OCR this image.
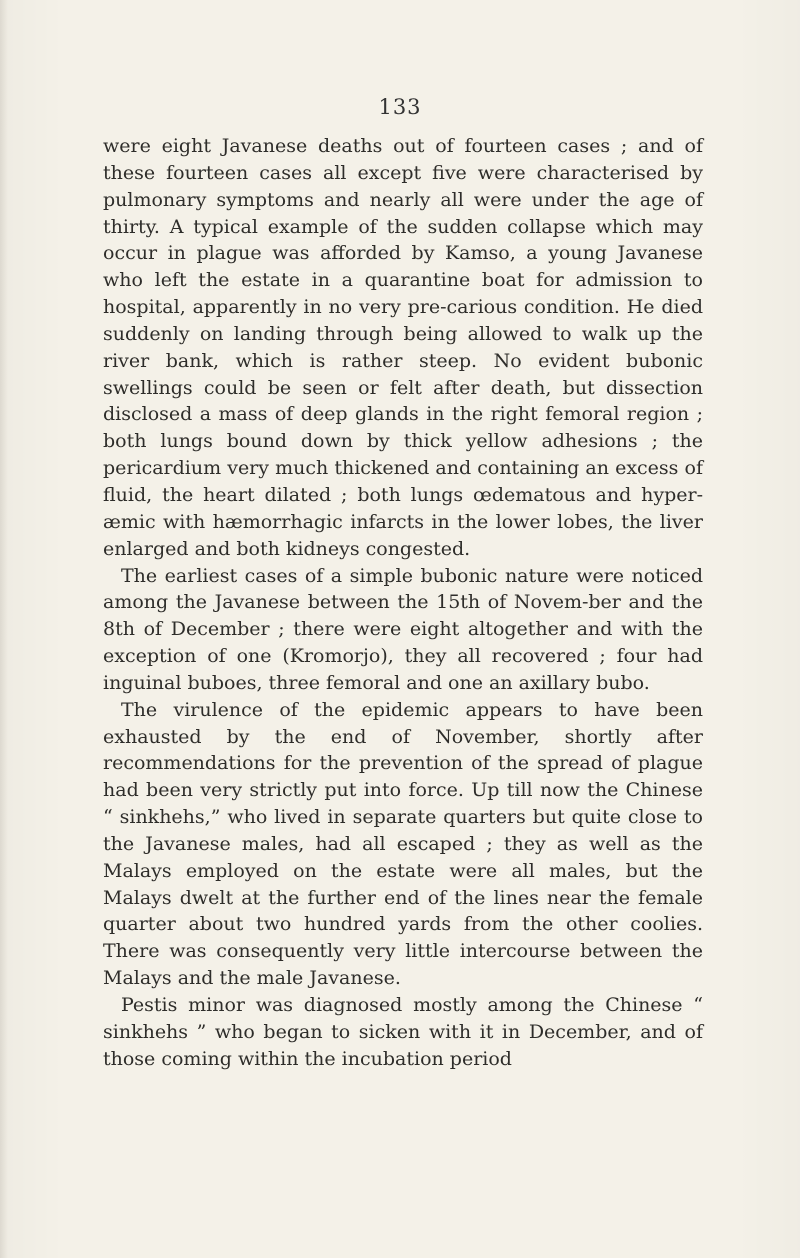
133

were eight Javanese deaths out of fourteen cases ; and of these fourteen cases all except five were characterised by pulmonary symptoms and nearly all were under the age of thirty. A typical example of the sudden collapse which may occur in plague was afforded by Kamso, a young Javanese who left the estate in a quarantine boat for admission to hospital, apparently in no very pre-carious condition. He died suddenly on landing through being allowed to walk up the river bank, which is rather steep. No evident bubonic swellings could be seen or felt after death, but dissection disclosed a mass of deep glands in the right femoral region ; both lungs bound down by thick yellow adhesions ; the pericardium very much thickened and containing an excess of fluid, the heart dilated ; both lungs œdematous and hyper-æmic with hæmorrhagic infarcts in the lower lobes, the liver enlarged and both kidneys congested.

The earliest cases of a simple bubonic nature were noticed among the Javanese between the 15th of Novem-ber and the 8th of December ; there were eight altogether and with the exception of one (Kromorjo), they all recovered ; four had inguinal buboes, three femoral and one an axillary bubo.

The virulence of the epidemic appears to have been exhausted by the end of November, shortly after recommendations for the prevention of the spread of plague had been very strictly put into force. Up till now the Chinese “ sinkhehs,” who lived in separate quarters but quite close to the Javanese males, had all escaped ; they as well as the Malays employed on the estate were all males, but the Malays dwelt at the further end of the lines near the female quarter about two hundred yards from the other coolies. There was consequently very little intercourse between the Malays and the male Javanese.

Pestis minor was diagnosed mostly among the Chinese “ sinkhehs ” who began to sicken with it in December, and of those coming within the incubation period
